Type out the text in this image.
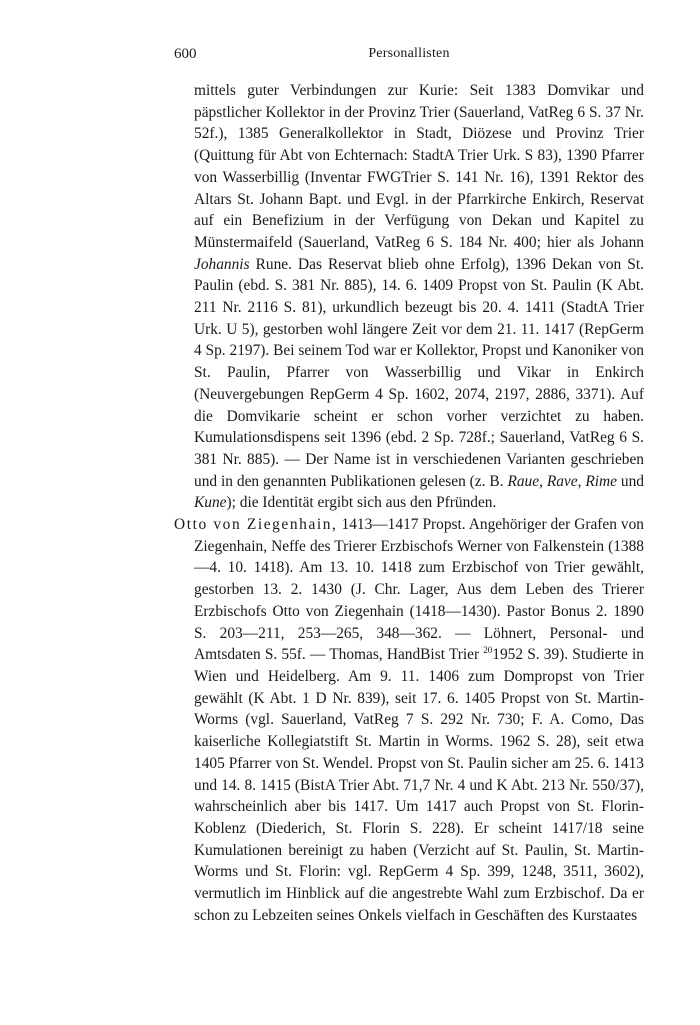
600	Personallisten

mittels guter Verbindungen zur Kurie: Seit 1383 Domvikar und päpstlicher Kollektor in der Provinz Trier (Sauerland, VatReg 6 S. 37 Nr. 52f.), 1385 Generalkollektor in Stadt, Diözese und Provinz Trier (Quittung für Abt von Echternach: StadtA Trier Urk. S 83), 1390 Pfarrer von Wasserbillig (Inventar FWGTrier S. 141 Nr. 16), 1391 Rektor des Altars St. Johann Bapt. und Evgl. in der Pfarrkirche Enkirch, Reservat auf ein Benefizium in der Verfügung von Dekan und Kapitel zu Münstermaifeld (Sauerland, VatReg 6 S. 184 Nr. 400; hier als Johann Johannis Rune. Das Reservat blieb ohne Erfolg), 1396 Dekan von St. Paulin (ebd. S. 381 Nr. 885), 14. 6. 1409 Propst von St. Paulin (K Abt. 211 Nr. 2116 S. 81), urkundlich bezeugt bis 20. 4. 1411 (StadtA Trier Urk. U 5), gestorben wohl längere Zeit vor dem 21. 11. 1417 (RepGerm 4 Sp. 2197). Bei seinem Tod war er Kollektor, Propst und Kanoniker von St. Paulin, Pfarrer von Wasserbillig und Vikar in Enkirch (Neuvergebungen RepGerm 4 Sp. 1602, 2074, 2197, 2886, 3371). Auf die Domvikarie scheint er schon vorher verzichtet zu haben. Kumulationsdispens seit 1396 (ebd. 2 Sp. 728f.; Sauerland, VatReg 6 S. 381 Nr. 885). — Der Name ist in verschiedenen Varianten geschrieben und in den genannten Publikationen gelesen (z. B. Raue, Rave, Rime und Kune); die Identität ergibt sich aus den Pfründen.

Otto von Ziegenhain, 1413—1417 Propst. Angehöriger der Grafen von Ziegenhain, Neffe des Trierer Erzbischofs Werner von Falkenstein (1388—4. 10. 1418). Am 13. 10. 1418 zum Erzbischof von Trier gewählt, gestorben 13. 2. 1430 (J. Chr. Lager, Aus dem Leben des Trierer Erzbischofs Otto von Ziegenhain (1418—1430). Pastor Bonus 2. 1890 S. 203—211, 253—265, 348—362. — Löhnert, Personal- und Amtsdaten S. 55f. — Thomas, HandBist Trier $^{20}$1952 S. 39). Studierte in Wien und Heidelberg. Am 9. 11. 1406 zum Dompropst von Trier gewählt (K Abt. 1 D Nr. 839), seit 17. 6. 1405 Propst von St. Martin-Worms (vgl. Sauerland, VatReg 7 S. 292 Nr. 730; F. A. Como, Das kaiserliche Kollegiatstift St. Martin in Worms. 1962 S. 28), seit etwa 1405 Pfarrer von St. Wendel. Propst von St. Paulin sicher am 25. 6. 1413 und 14. 8. 1415 (BistA Trier Abt. 71,7 Nr. 4 und K Abt. 213 Nr. 550/37), wahrscheinlich aber bis 1417. Um 1417 auch Propst von St. Florin-Koblenz (Diederich, St. Florin S. 228). Er scheint 1417/18 seine Kumulationen bereinigt zu haben (Verzicht auf St. Paulin, St. Martin-Worms und St. Florin: vgl. RepGerm 4 Sp. 399, 1248, 3511, 3602), vermutlich im Hinblick auf die angestrebte Wahl zum Erzbischof. Da er schon zu Lebzeiten seines Onkels vielfach in Geschäften des Kurstaates
